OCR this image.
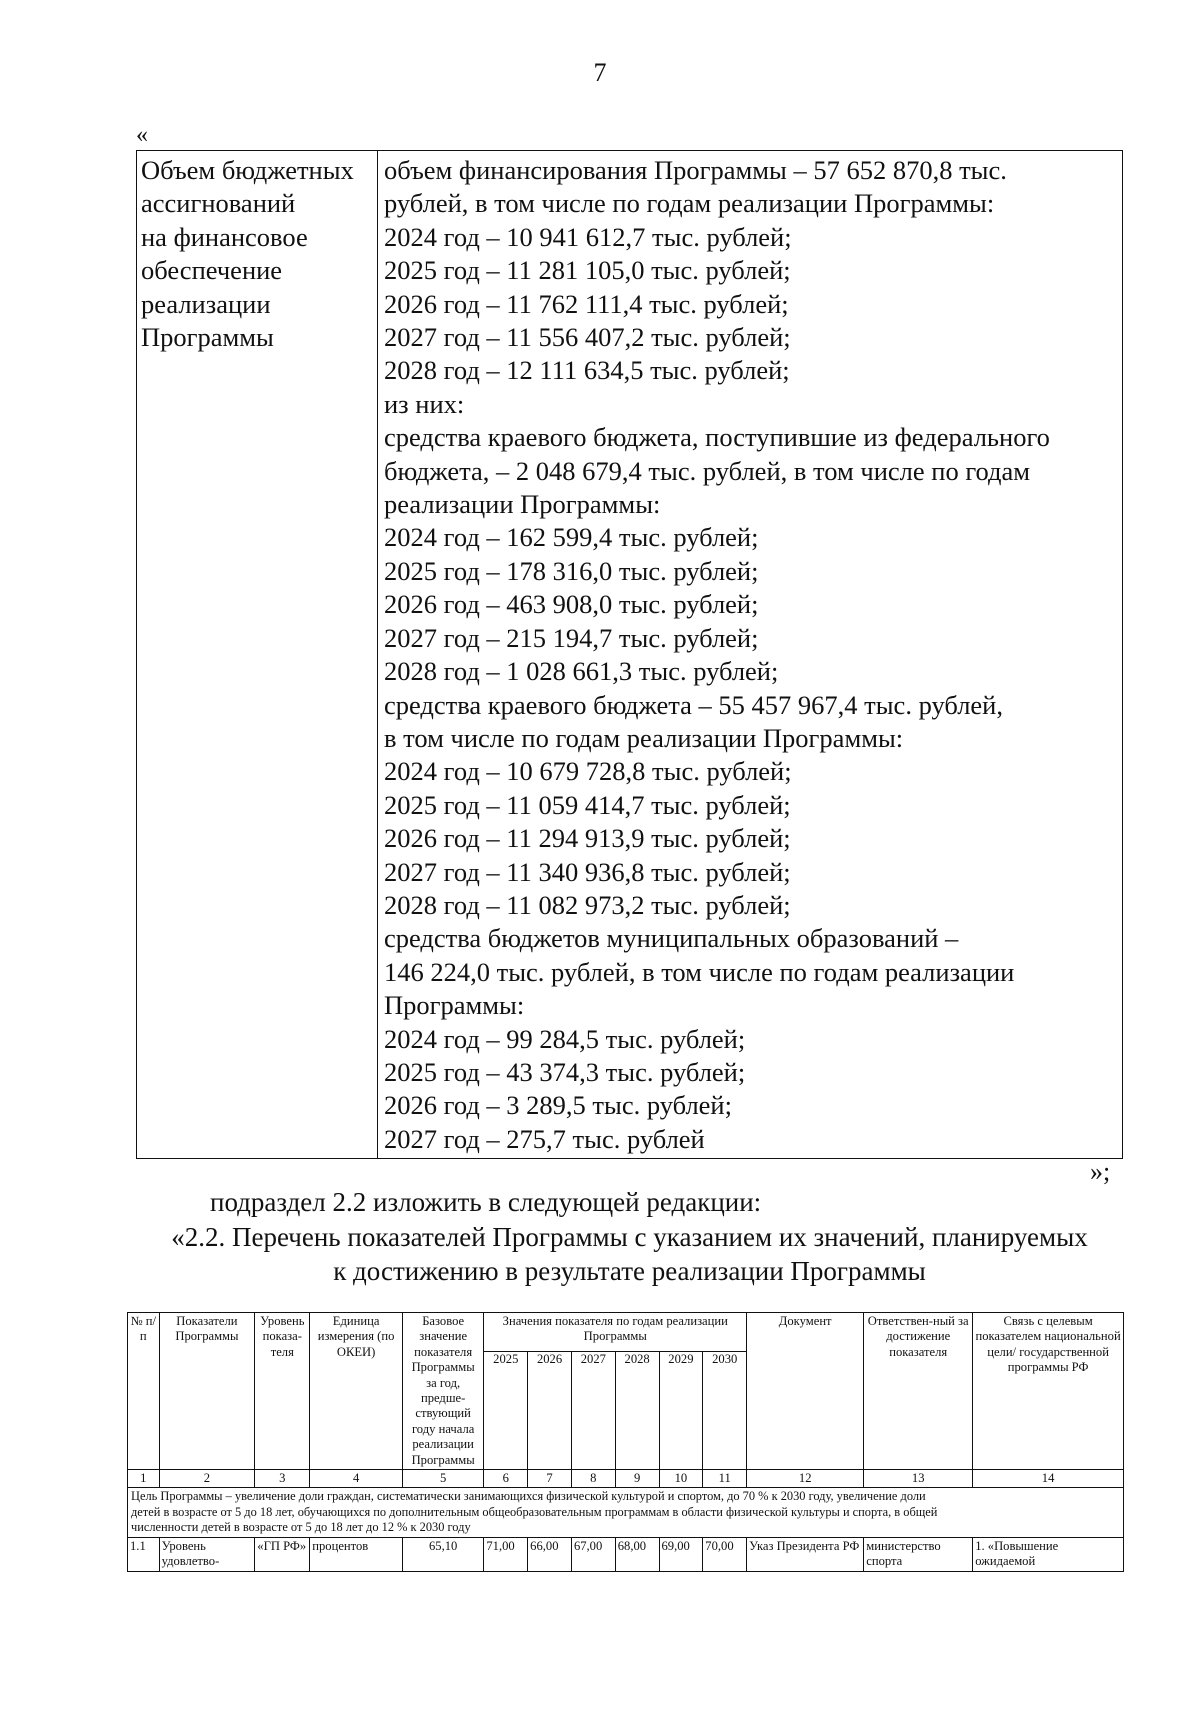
7
«
Объем бюджетных
ассигнований
на финансовое
обеспечение
реализации
Программы

объем финансирования Программы – 57 652 870,8 тыс.
рублей, в том числе по годам реализации Программы:
2024 год – 10 941 612,7 тыс. рублей;
2025 год – 11 281 105,0 тыс. рублей;
2026 год – 11 762 111,4 тыс. рублей;
2027 год – 11 556 407,2 тыс. рублей;
2028 год – 12 111 634,5 тыс. рублей;
из них:
средства краевого бюджета, поступившие из федерального
бюджета, – 2 048 679,4 тыс. рублей, в том числе по годам
реализации Программы:
2024 год – 162 599,4 тыс. рублей;
2025 год – 178 316,0 тыс. рублей;
2026 год – 463 908,0 тыс. рублей;
2027 год – 215 194,7 тыс. рублей;
2028 год – 1 028 661,3 тыс. рублей;
средства краевого бюджета – 55 457 967,4 тыс. рублей,
в том числе по годам реализации Программы:
2024 год – 10 679 728,8 тыс. рублей;
2025 год – 11 059 414,7 тыс. рублей;
2026 год – 11 294 913,9 тыс. рублей;
2027 год – 11 340 936,8 тыс. рублей;
2028 год – 11 082 973,2 тыс. рублей;
средства бюджетов муниципальных образований –
146 224,0 тыс. рублей, в том числе по годам реализации
Программы:
2024 год – 99 284,5 тыс. рублей;
2025 год – 43 374,3 тыс. рублей;
2026 год – 3 289,5 тыс. рублей;
2027 год – 275,7 тыс. рублей
»;
подраздел 2.2 изложить в следующей редакции:
«2.2. Перечень показателей Программы с указанием их значений, планируемых
к достижению в результате реализации Программы
№ п/п	Показатели Программы	Уровень показа-теля	Единица измерения (по ОКЕИ)	Базовое значение показателя Программы за год, предше-ствующий году начала реализации Программы	Значения показателя по годам реализации Программы						Документ	Ответствен-ный за достижение показателя	Связь с целевым показателем национальной цели/ государственной программы РФ
					2025	2026	2027	2028	2029	2030			
1	2	3	4	5	6	7	8	9	10	11	12	13	14

Цель Программы – увеличение доли граждан, систематически занимающихся физической культурой и спортом, до 70 % к 2030 году, увеличение доли
детей в возрасте от 5 до 18 лет, обучающихся по дополнительным общеобразовательным программам в области физической культуры и спорта, в общей
численности детей в возрасте от 5 до 18 лет до 12 % к 2030 году													

1.1	Уровень удовлетво-	«ГП РФ»	процентов	65,10	71,00	66,00	67,00	68,00	69,00	70,00	Указ Президента РФ	министерство спорта	1. «Повышение ожидаемой
